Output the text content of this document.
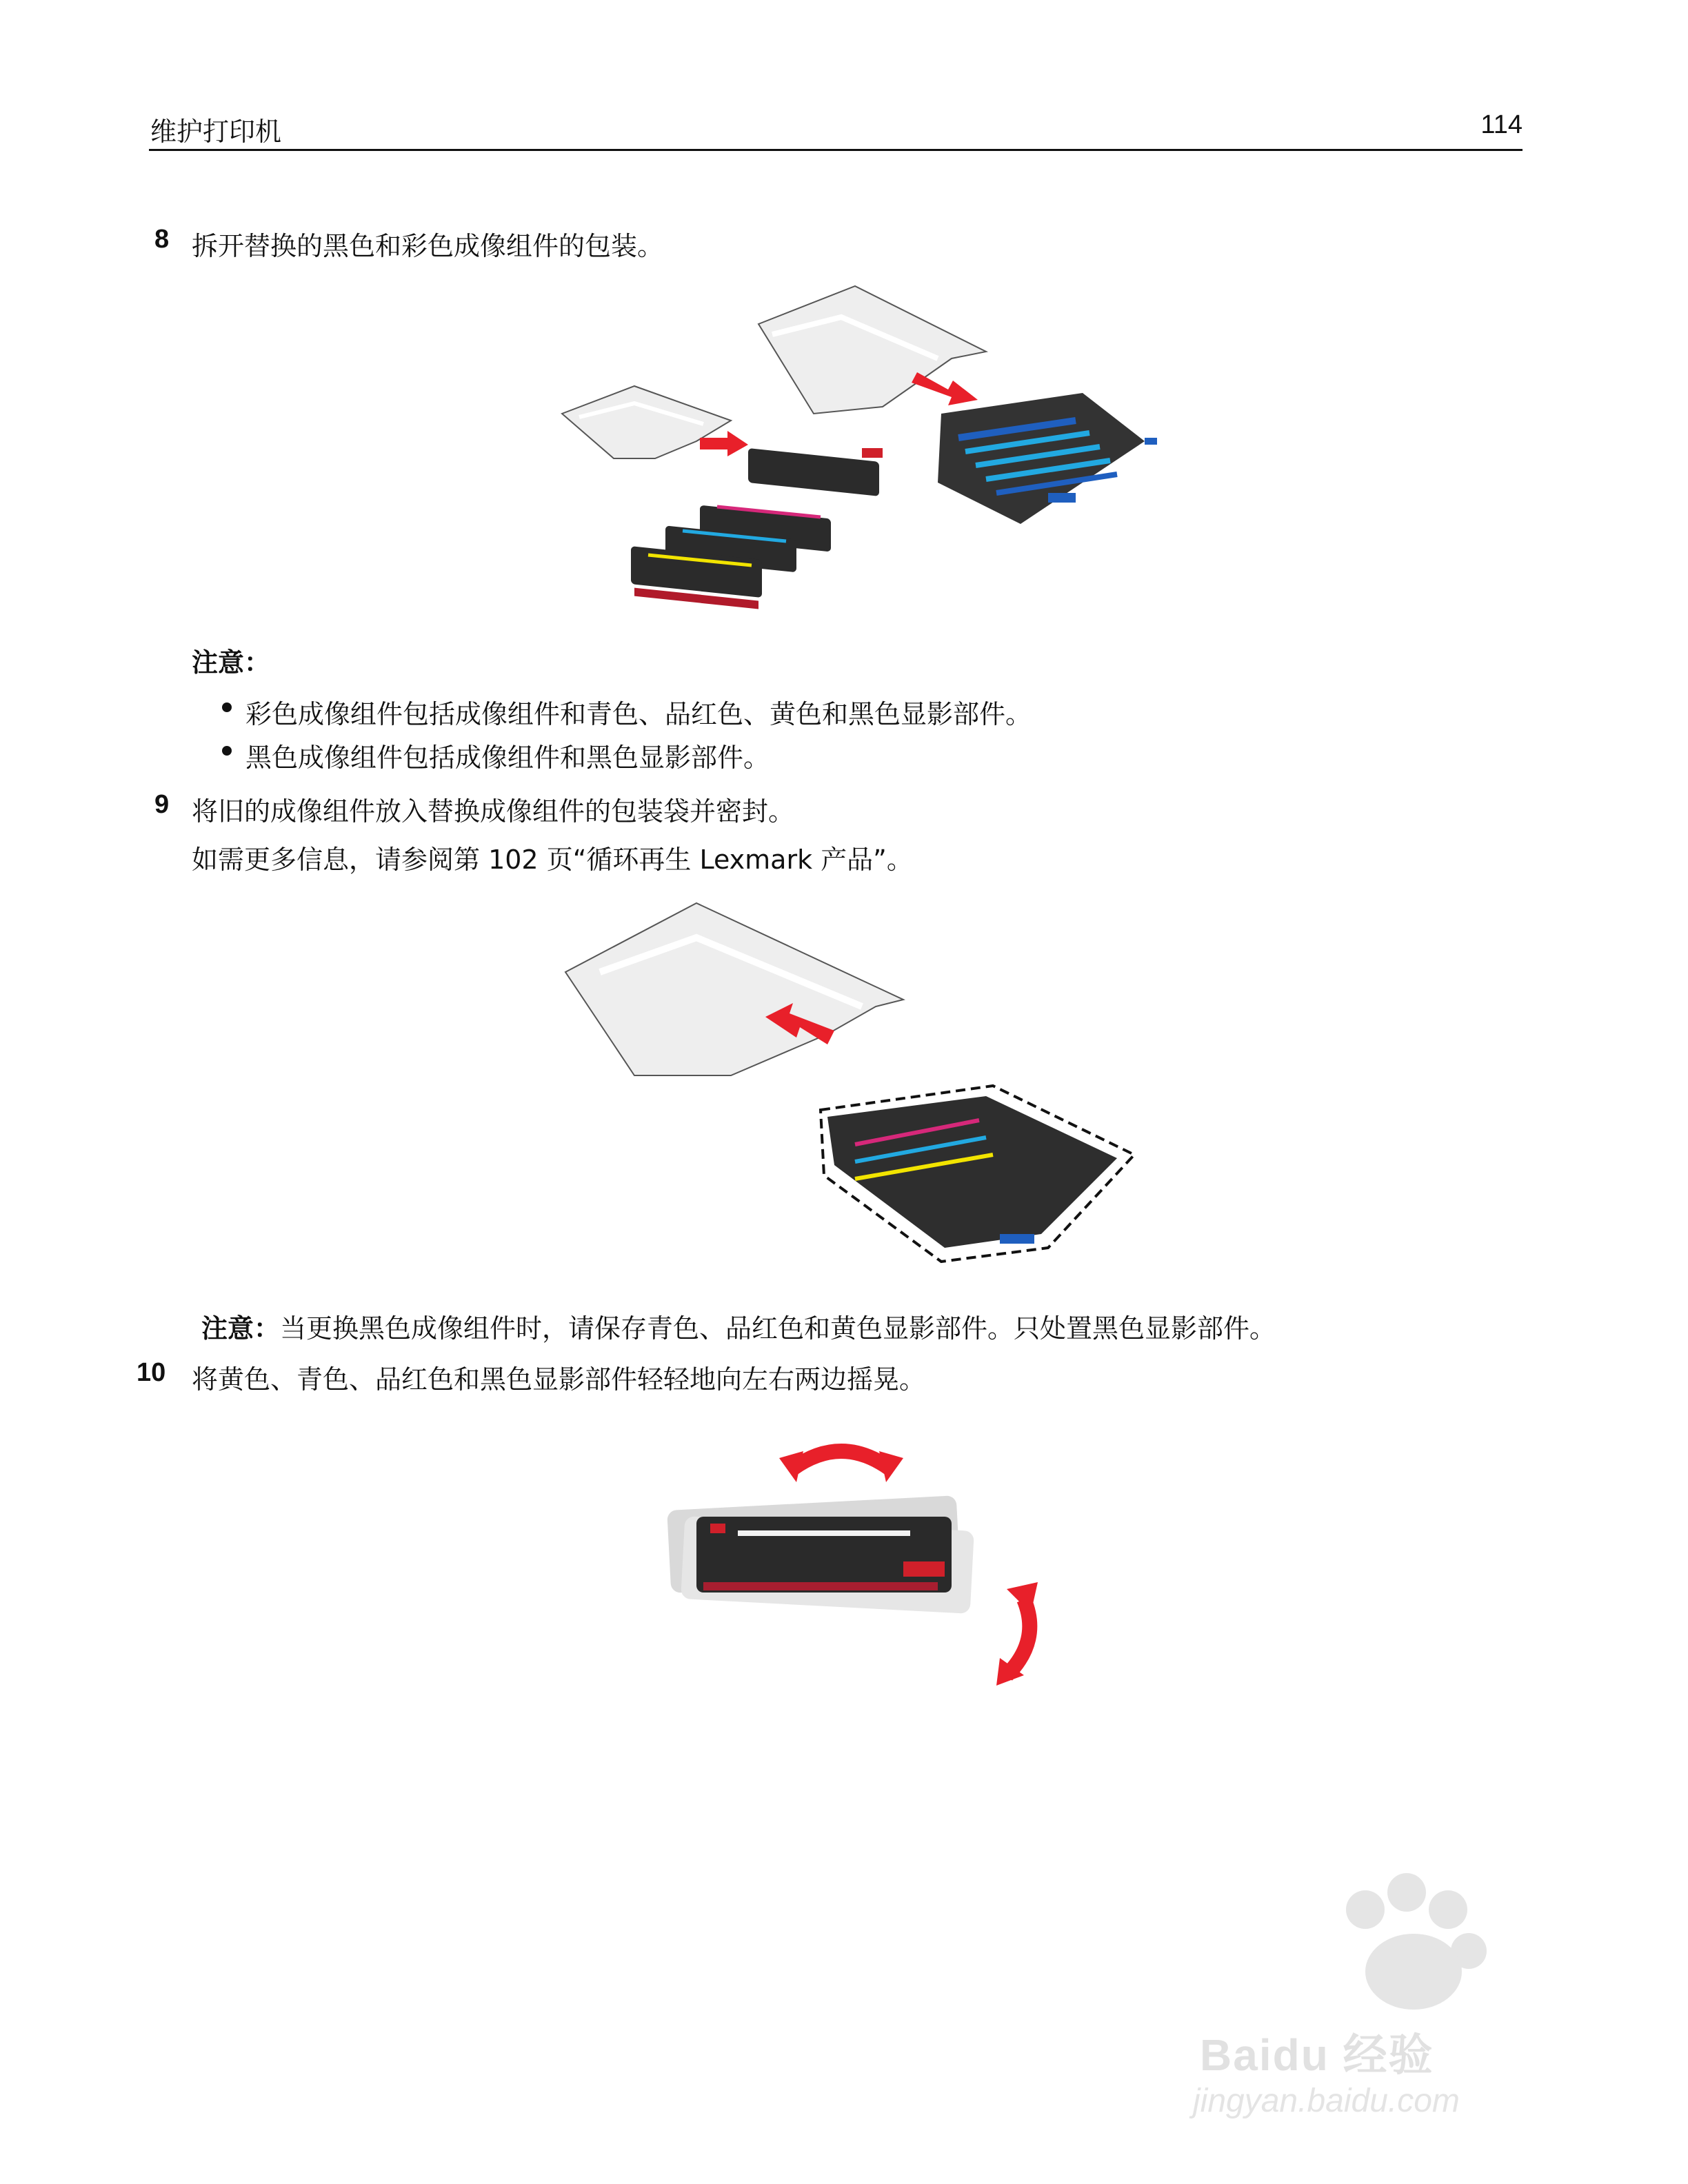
维护打印机	114
8 拆开替换的黑色和彩色成像组件的包装。
注意：
彩色成像组件包括成像组件和青色、品红色、黄色和黑色显影部件。
黑色成像组件包括成像组件和黑色显影部件。
9 将旧的成像组件放入替换成像组件的包装袋并密封。
如需更多信息，请参阅第 102 页“循环再生 Lexmark 产品”。
注意：当更换黑色成像组件时，请保存青色、品红色和黄色显影部件。只处置黑色显影部件。
10 将黄色、青色、品红色和黑色显影部件轻轻地向左右两边摇晃。
Baidu 经验
jingyan.baidu.com
